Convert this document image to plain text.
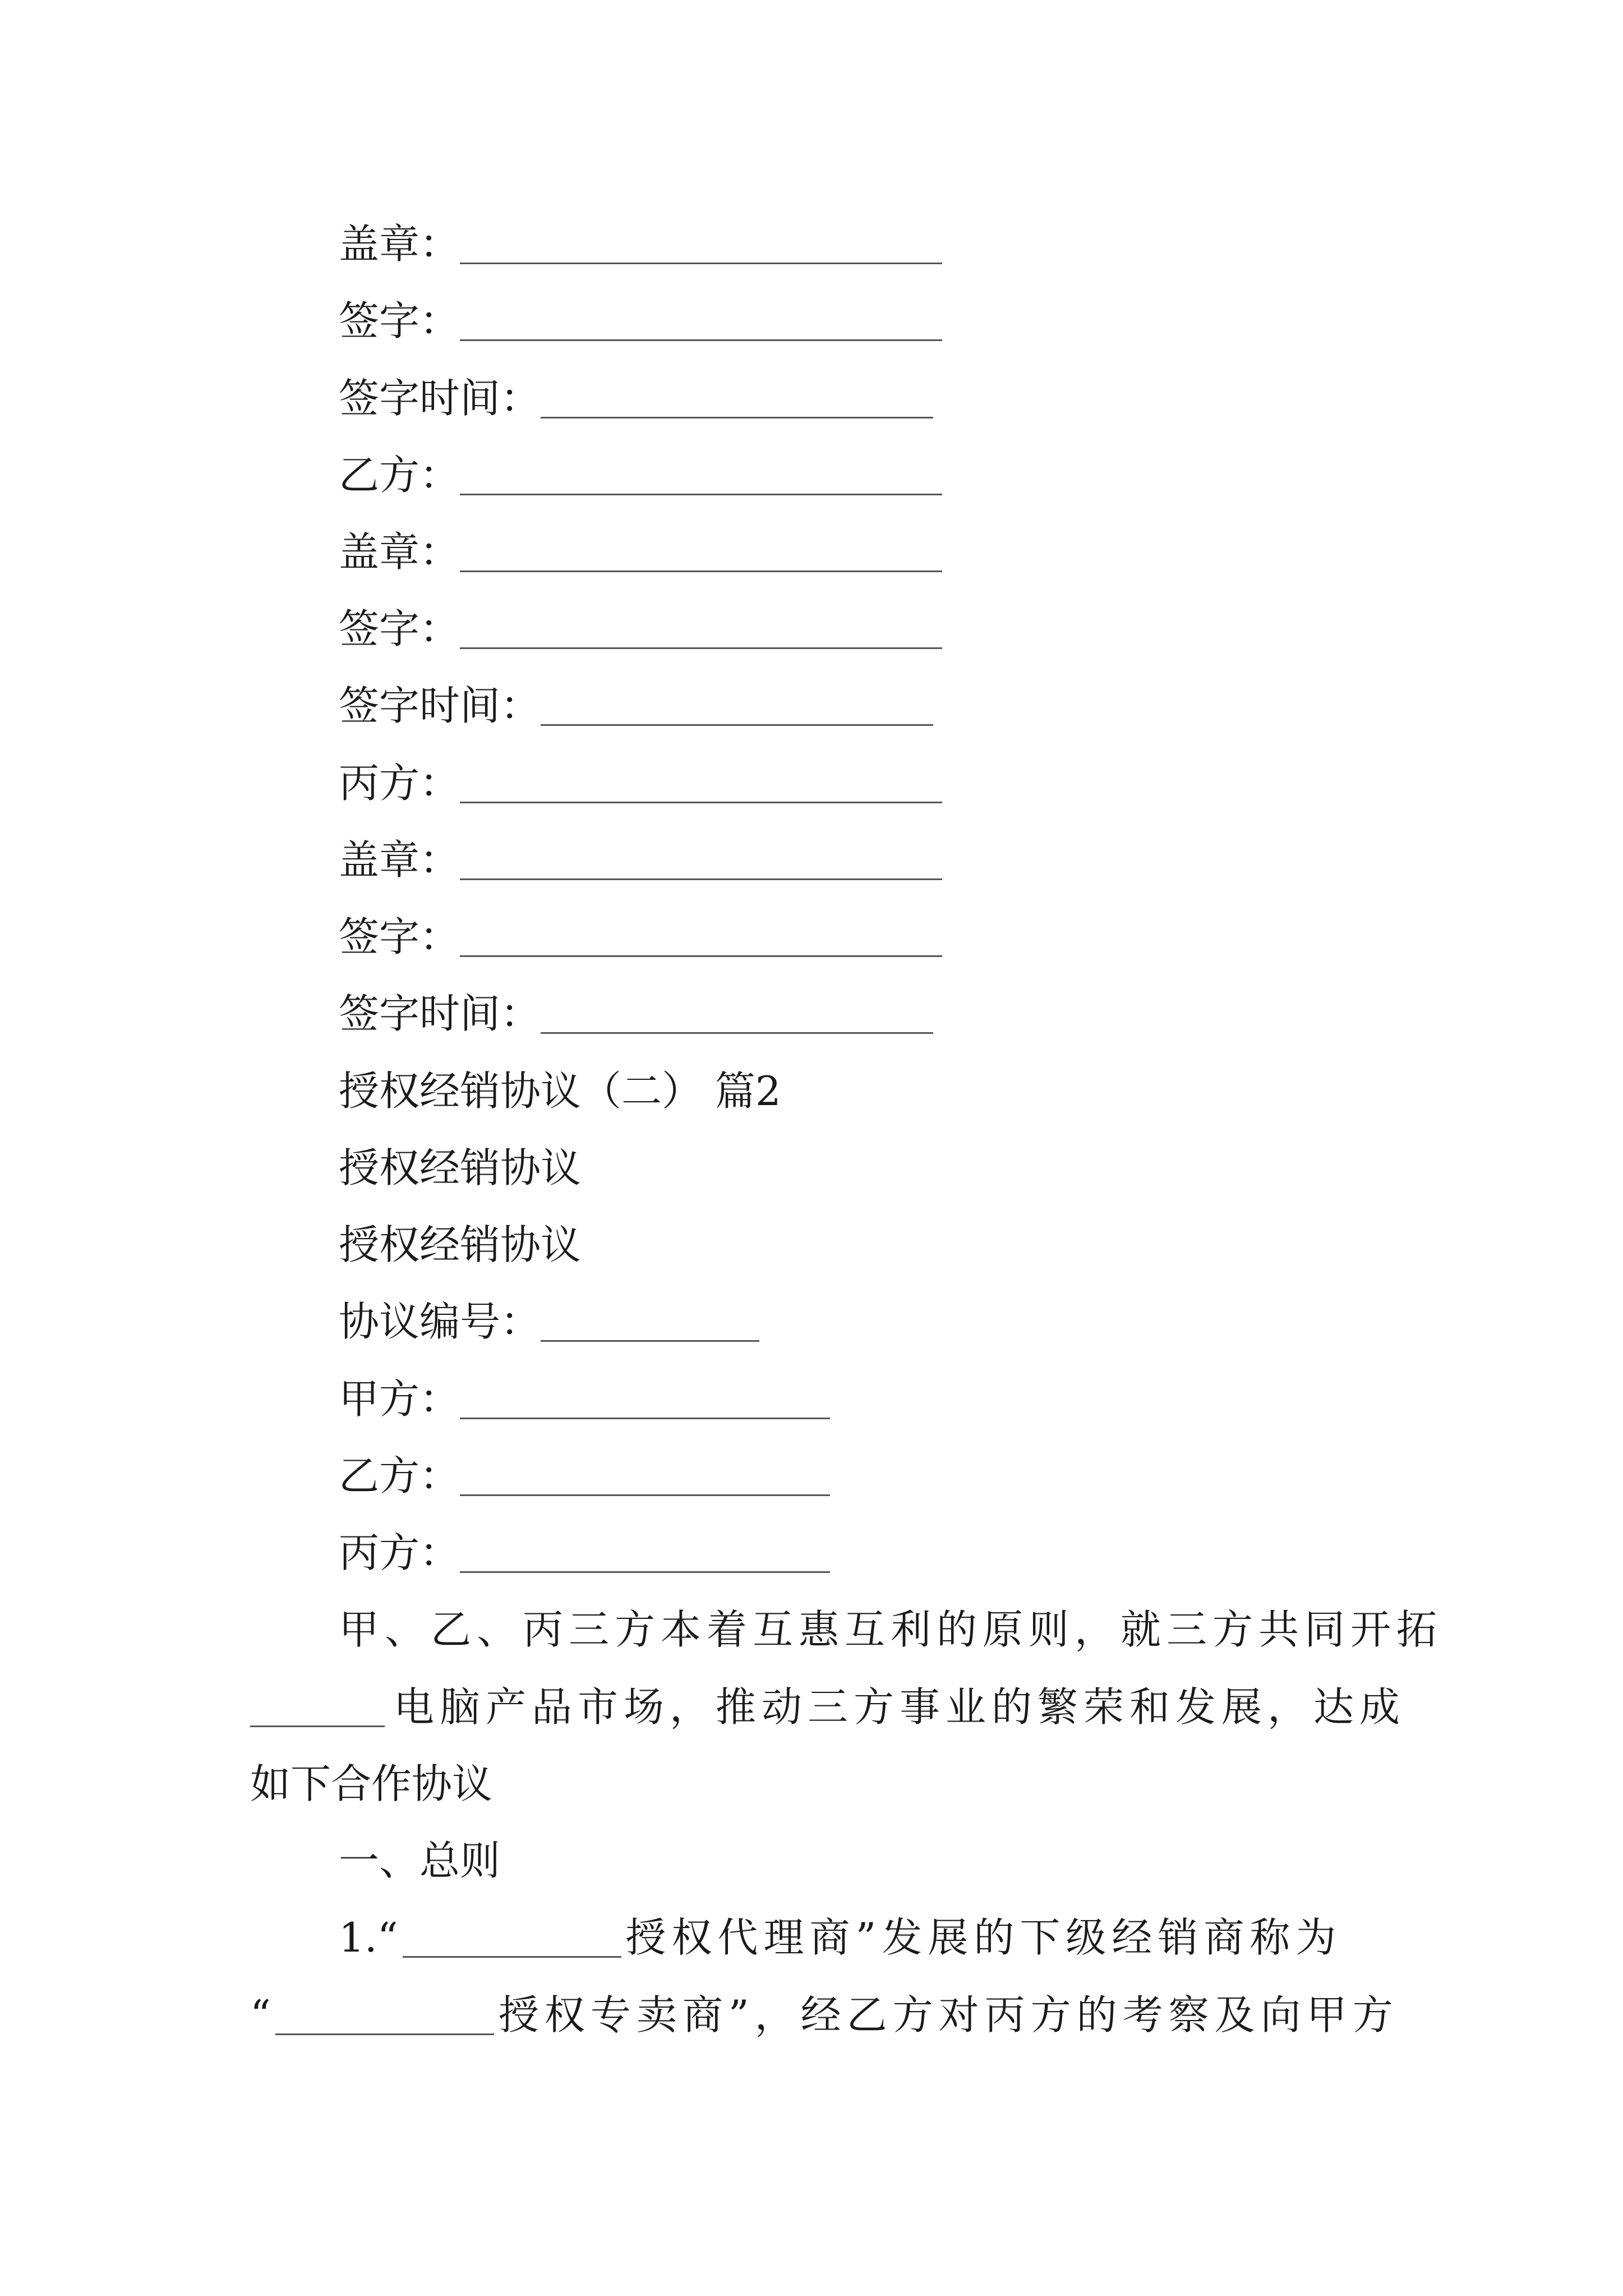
盖章：
签字：
签字时间：
乙方：
盖章：
签字：
签字时间：
丙方：
盖章：
签字：
签字时间：
授权经销协议（二） 篇2
授权经销协议
授权经销协议
协议编号：
甲方：
乙方：
丙方：
甲、乙、丙三方本着互惠互利的原则，就三方共同开拓
电脑产品市场，推动三方事业的繁荣和发展，达成
如下合作协议
一、总则
1.“	授权代理商”发展的下级经销商称为
“	授权专卖商”，经乙方对丙方的考察及向甲方
